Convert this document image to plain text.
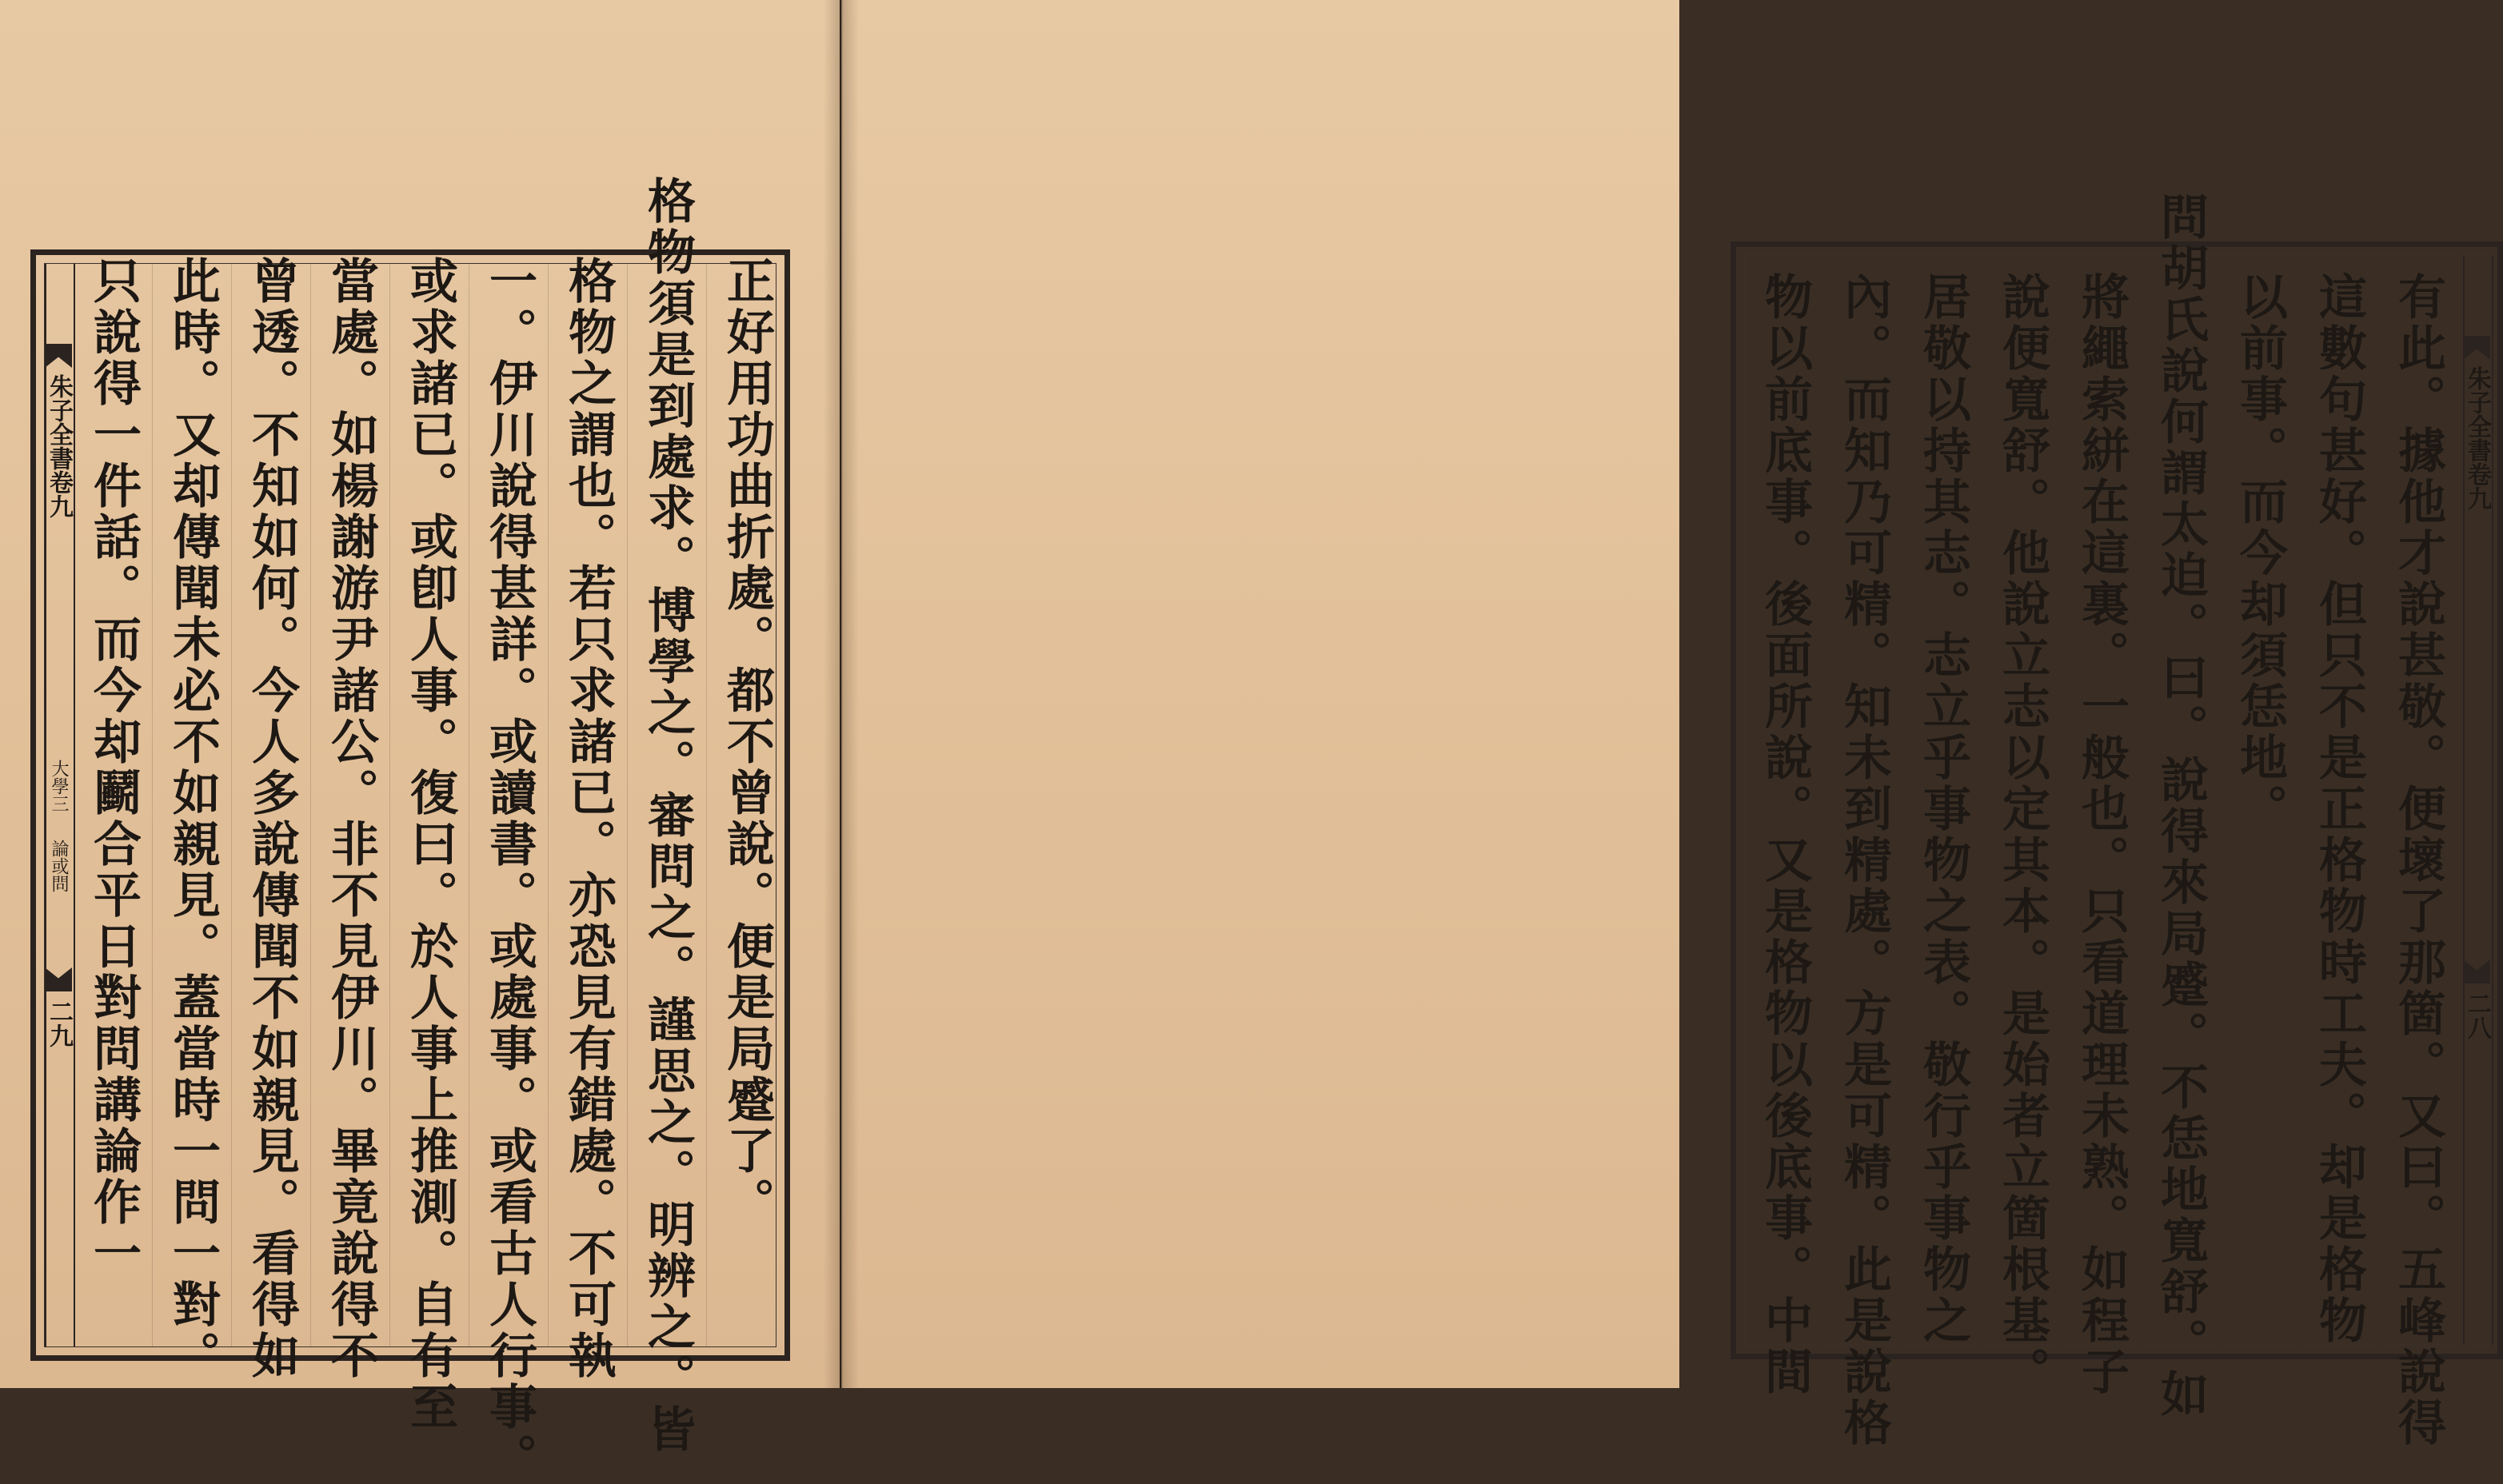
朱子全書卷九
大學三
論或問
二九 只說得一件話。而今却鬬合平日對問講論作一 此時。又却傳聞未必不如親見。蓋當時一問一對。 曾透。不知如何。今人多說傳聞不如親見。看得如 當處。如楊謝游尹諸公。非不見伊川。畢竟說得不 或求諸已。或卽人事。復曰。於人事上推測。自有至 一。伊川說得甚詳。或讀書。或處事。或看古人行事。 格物之謂也。若只求諸已。亦恐見有錯處。不可執 格物須是到處求。博學之。審問之。謹思之。明辨之。皆 正好用功曲折處。都不曾說。便是局蹙了。	物以前底事。後面所說。又是格物以後底事。中間 內。而知乃可精。知未到精處。方是可精。此是說格 居敬以持其志。志立乎事物之表。敬行乎事物之 說便寬舒。他說立志以定其本。是始者立箇根基。 將繩索絣在這裏。一般也。只看道理未熟。如程子 問胡氏說何謂太迫。曰。說得來局蹙。不恁地寬舒。如 以前事。而今却須恁地。 這數句甚好。但只不是正格物時工夫。却是格物 有此。據他才說甚敬。便壞了那箇。又曰。五峰說得 朱子全書卷九
二八
